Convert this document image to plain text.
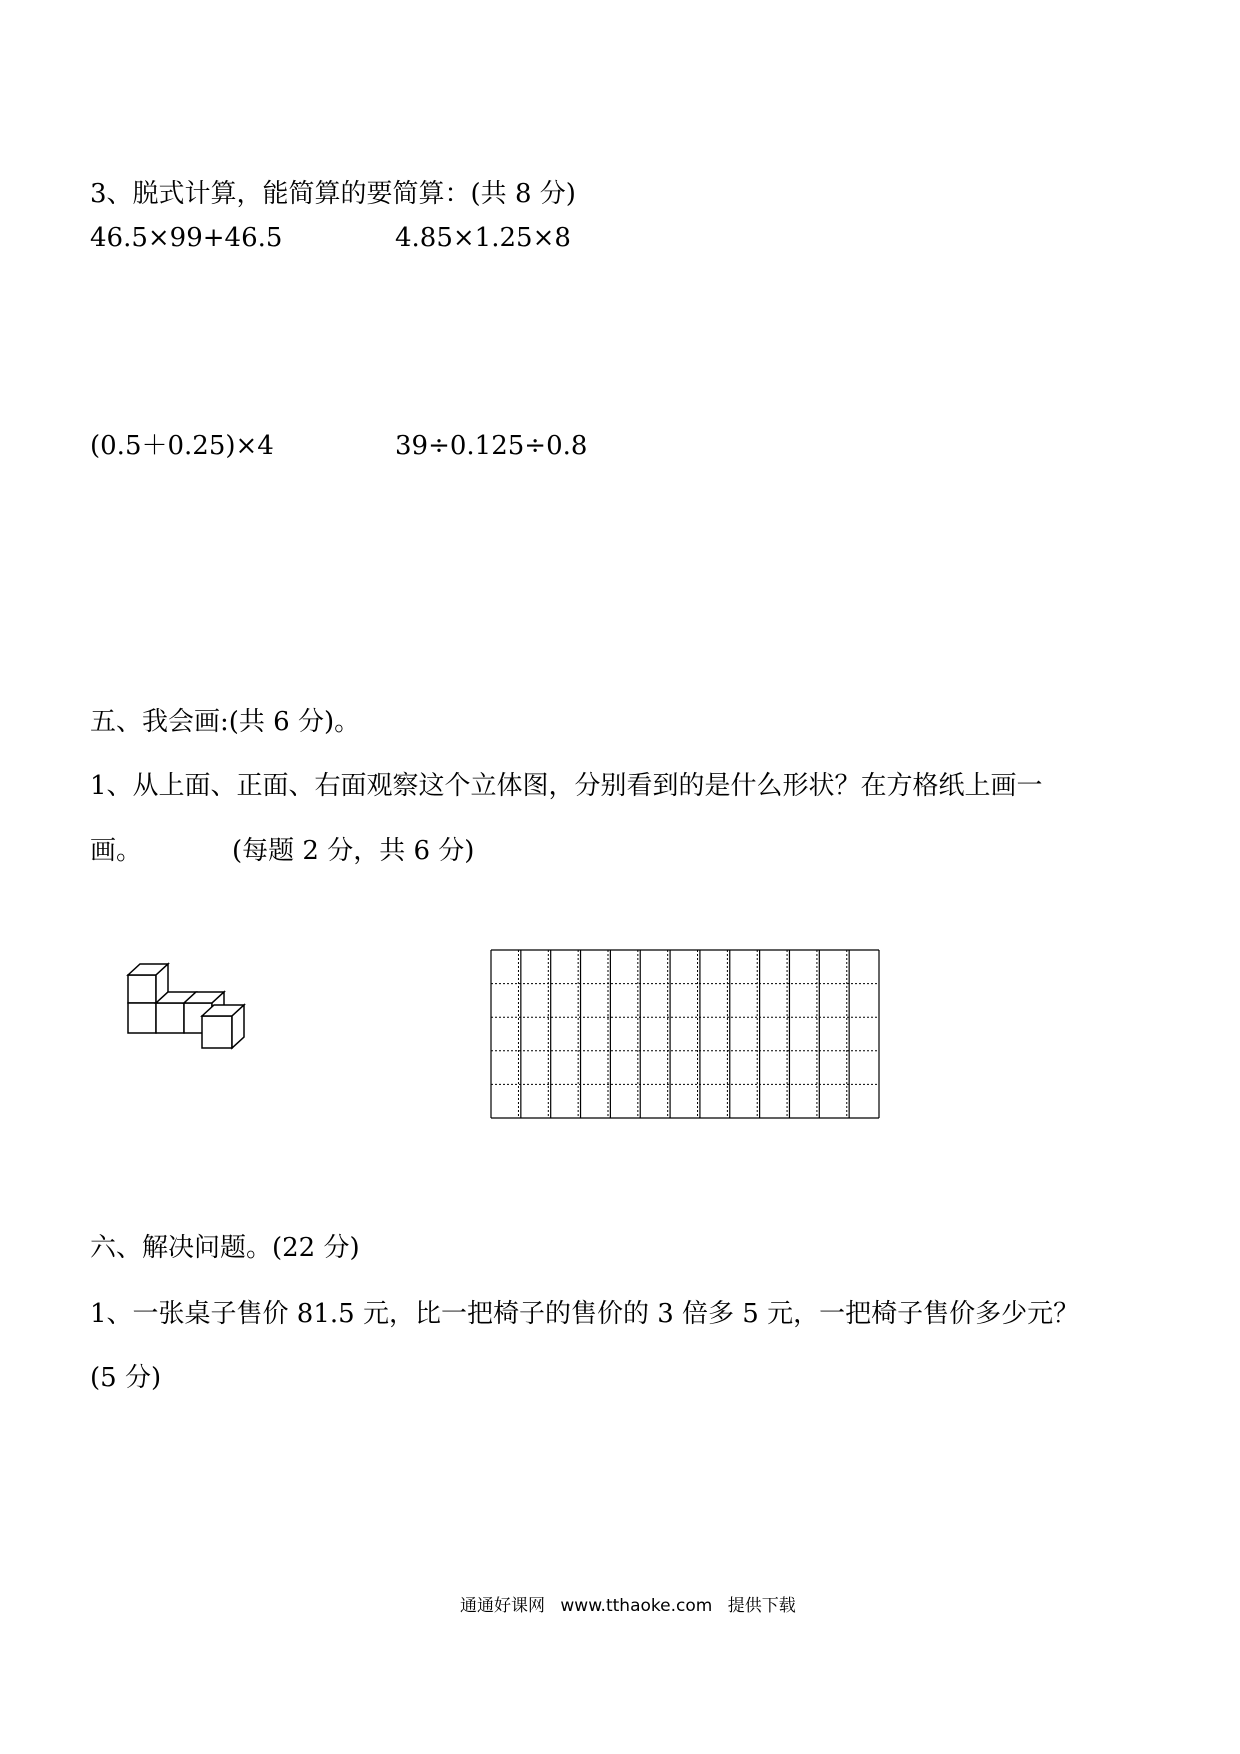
3、脱式计算，能简算的要简算：(共 8 分)
46.5×99+46.5	4.85×1.25×8
(0.5＋0.25)×4	39÷0.125÷0.8
五、我会画:(共 6 分)。
1、从上面、正面、右面观察这个立体图，分别看到的是什么形状？在方格纸上画一
画。	(每题 2 分，共 6 分)
六、解决问题。(22 分)
1、一张桌子售价 81.5 元，比一把椅子的售价的 3 倍多 5 元，一把椅子售价多少元？
(5 分)
通通好课网 www.tthaoke.com 提供下载
